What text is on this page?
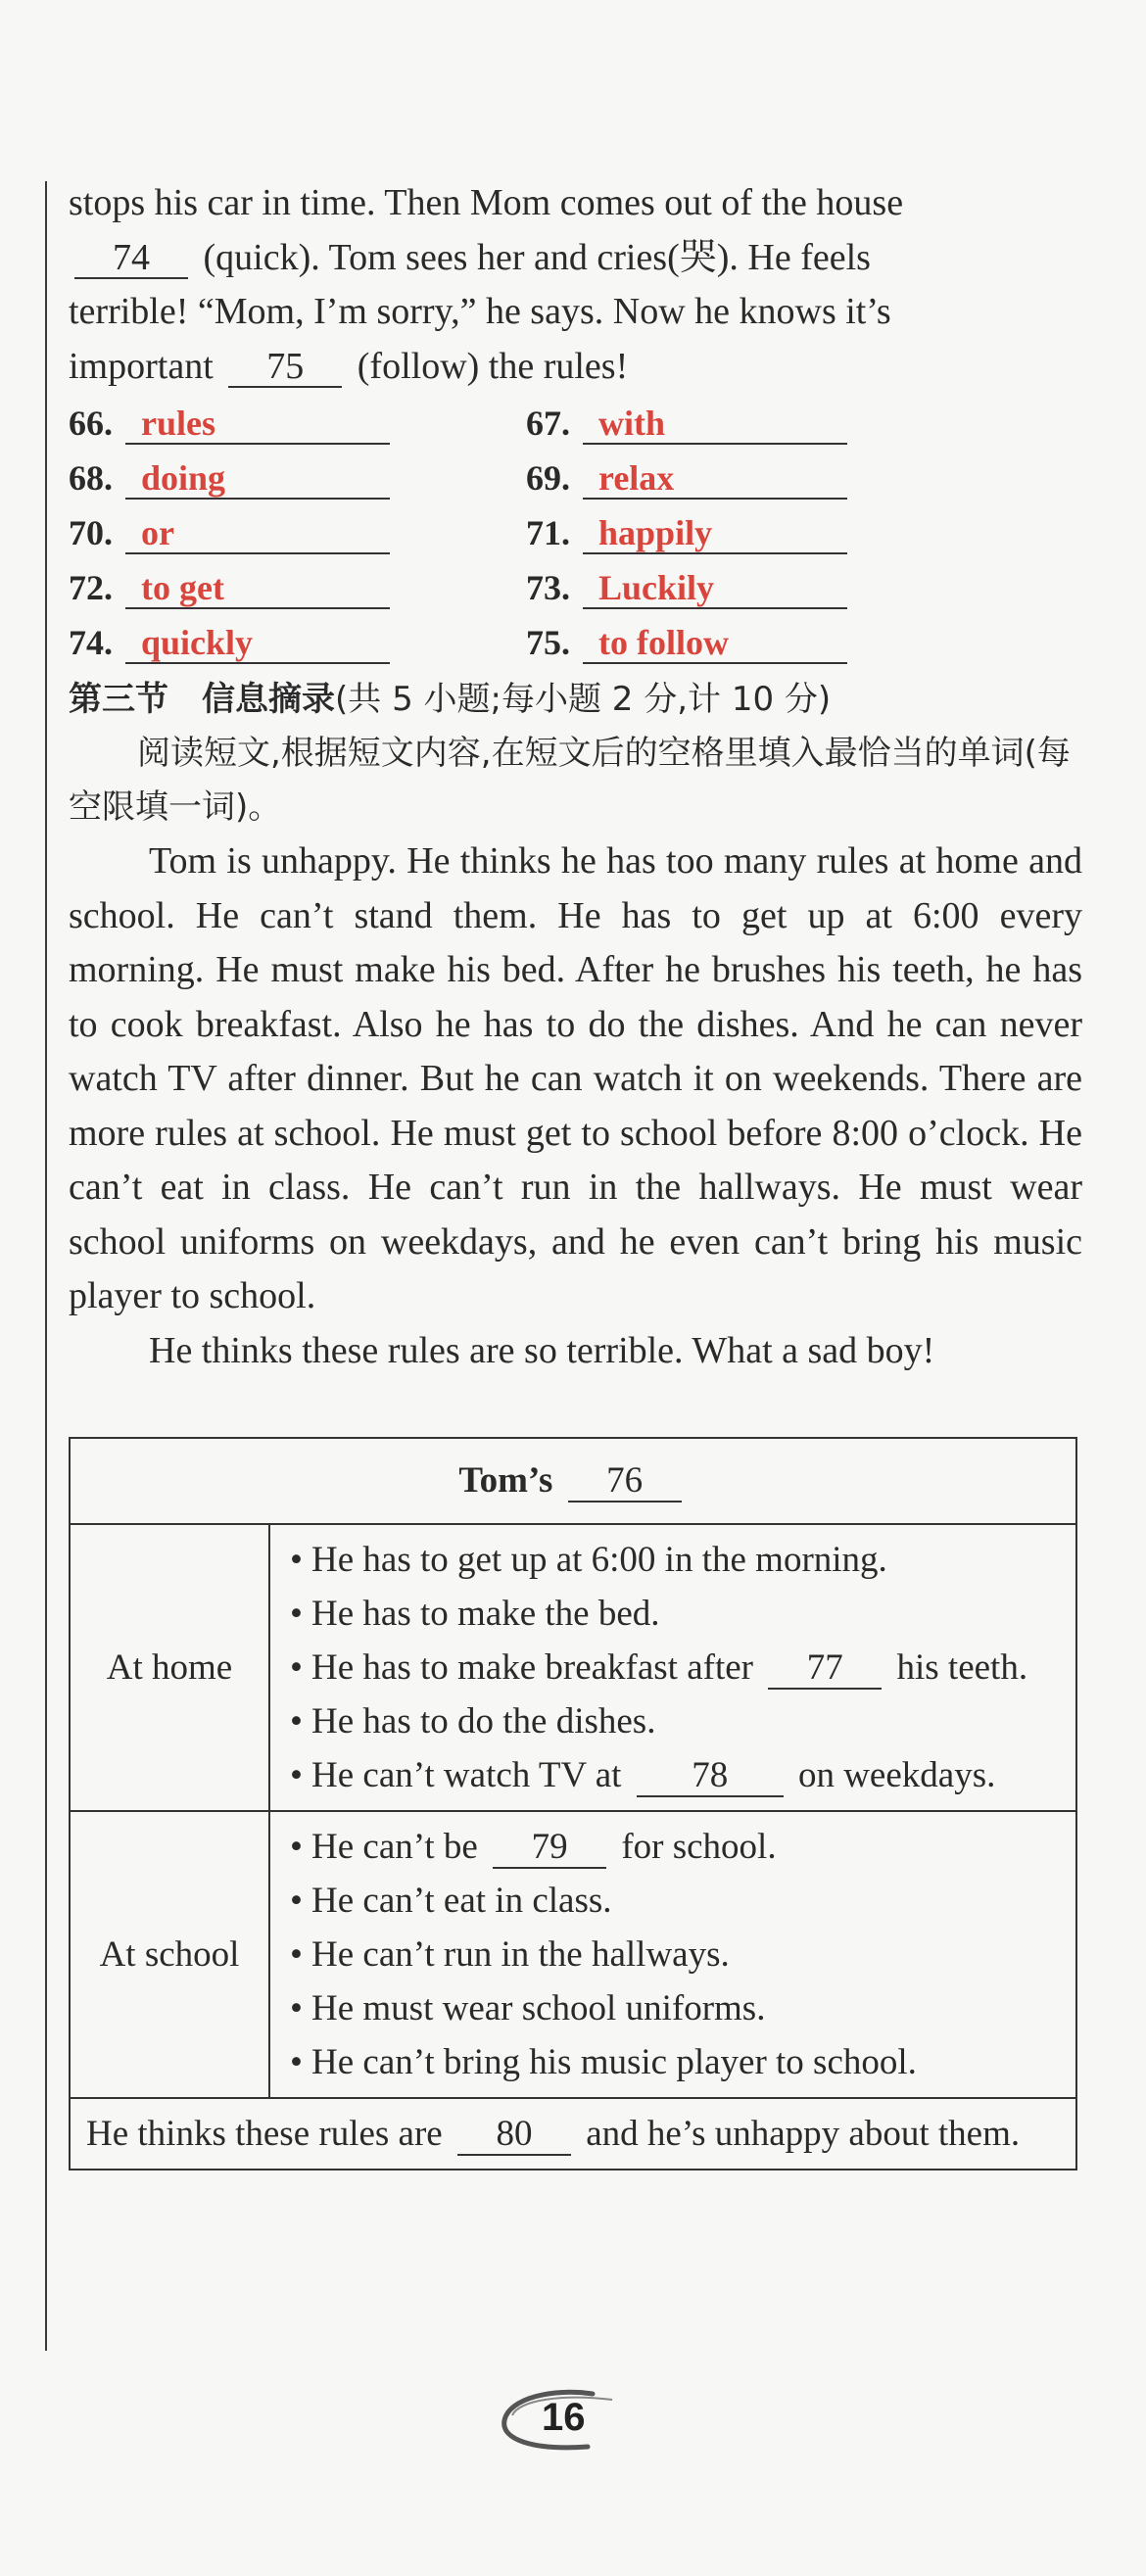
stops his car in time. Then Mom comes out of the house
74 (quick). Tom sees her and cries(哭). He feels
terrible! “Mom, I’m sorry,” he says. Now he knows it’s
important 75 (follow) the rules!

66. rules	67. with
68. doing	69. relax
70. or	71. happily
72. to get	73. Luckily
74. quickly	75. to follow
第三节　信息摘录(共 5 小题;每小题 2 分,计 10 分)

阅读短文,根据短文内容,在短文后的空格里填入最恰当的单词(每空限填一词)。

Tom is unhappy. He thinks he has too many rules at home and school. He can’t stand them. He has to get up at 6:00 every morning. He must make his bed. After he brushes his teeth, he has to cook breakfast. Also he has to do the dishes. And he can never watch TV after dinner. But he can watch it on weekends. There are more rules at school. He must get to school before 8:00 o’clock. He can’t eat in class. He can’t run in the hallways. He must wear school uniforms on weekdays, and he even can’t bring his music player to school.

He thinks these rules are so terrible. What a sad boy!

Tom’s 76	
At home	• He has to get up at 6:00 in the morning.
• He has to make the bed.
• He has to make breakfast after 77 his teeth.
• He has to do the dishes.
• He can’t watch TV at 78 on weekdays.

At school	• He can’t be 79 for school.
• He can’t eat in class.
• He can’t run in the hallways.
• He must wear school uniforms.
• He can’t bring his music player to school.

He thinks these rules are 80 and he’s unhappy about them.	
16
